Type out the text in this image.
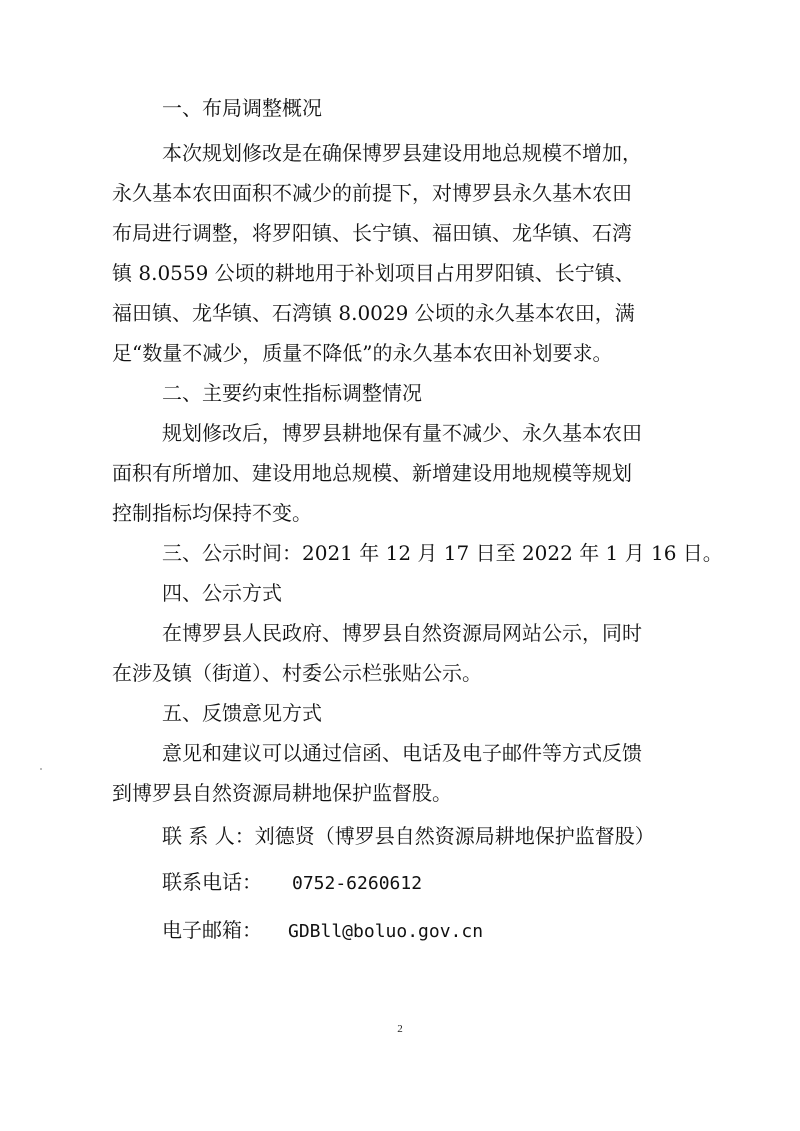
一、布局调整概况
本次规划修改是在确保博罗县建设用地总规模不增加，
永久基本农田面积不减少的前提下，对博罗县永久基木农田
布局进行调整，将罗阳镇、长宁镇、福田镇、龙华镇、石湾
镇 8.0559 公顷的耕地用于补划项目占用罗阳镇、长宁镇、
福田镇、龙华镇、石湾镇 8.0029 公顷的永久基本农田，满
足“数量不减少，质量不降低”的永久基本农田补划要求。
二、主要约束性指标调整情况
规划修改后，博罗县耕地保有量不减少、永久基本农田
面积有所增加、建设用地总规模、新增建设用地规模等规划
控制指标均保持不变。
三、公示时间：2021 年 12 月 17 日至 2022 年 1 月 16 日。
四、公示方式
在博罗县人民政府、博罗县自然资源局网站公示，同时
在涉及镇（街道）、村委公示栏张贴公示。
五、反馈意见方式
意见和建议可以通过信函、电话及电子邮件等方式反馈
到博罗县自然资源局耕地保护监督股。
联 系 人：刘德贤（博罗县自然资源局耕地保护监督股）
联系电话： 0752-6260612
电子邮箱： GDBll@boluo.gov.cn
2
